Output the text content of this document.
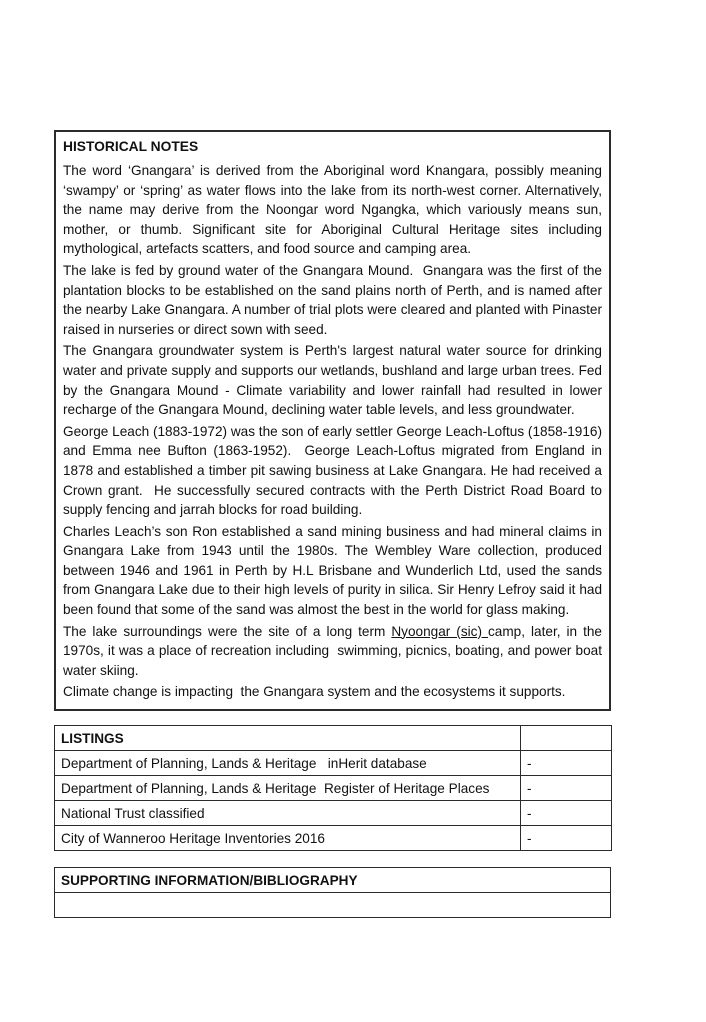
HISTORICAL NOTES

The word ‘Gnangara’ is derived from the Aboriginal word Knangara, possibly meaning ‘swampy’ or ‘spring’ as water flows into the lake from its north-west corner. Alternatively, the name may derive from the Noongar word Ngangka, which variously means sun, mother, or thumb. Significant site for Aboriginal Cultural Heritage sites including mythological, artefacts scatters, and food source and camping area.

The lake is fed by ground water of the Gnangara Mound.  Gnangara was the first of the plantation blocks to be established on the sand plains north of Perth, and is named after the nearby Lake Gnangara. A number of trial plots were cleared and planted with Pinaster raised in nurseries or direct sown with seed.

The Gnangara groundwater system is Perth's largest natural water source for drinking water and private supply and supports our wetlands, bushland and large urban trees. Fed by the Gnangara Mound - Climate variability and lower rainfall had resulted in lower recharge of the Gnangara Mound, declining water table levels, and less groundwater.

George Leach (1883-1972) was the son of early settler George Leach-Loftus (1858-1916) and Emma nee Bufton (1863-1952).  George Leach-Loftus migrated from England in 1878 and established a timber pit sawing business at Lake Gnangara. He had received a Crown grant.  He successfully secured contracts with the Perth District Road Board to supply fencing and jarrah blocks for road building.

Charles Leach’s son Ron established a sand mining business and had mineral claims in Gnangara Lake from 1943 until the 1980s. The Wembley Ware collection, produced between 1946 and 1961 in Perth by H.L Brisbane and Wunderlich Ltd, used the sands from Gnangara Lake due to their high levels of purity in silica. Sir Henry Lefroy said it had been found that some of the sand was almost the best in the world for glass making.

The lake surroundings were the site of a long term Nyoongar (sic) camp, later, in the 1970s, it was a place of recreation including  swimming, picnics, boating, and power boat  water skiing.

Climate change is impacting  the Gnangara system and the ecosystems it supports.

LISTINGS	
Department of Planning, Lands & Heritage   inHerit database	-
Department of Planning, Lands & Heritage  Register of Heritage Places	-
National Trust classified	-
City of Wanneroo Heritage Inventories 2016	-
SUPPORTING INFORMATION/BIBLIOGRAPHY
